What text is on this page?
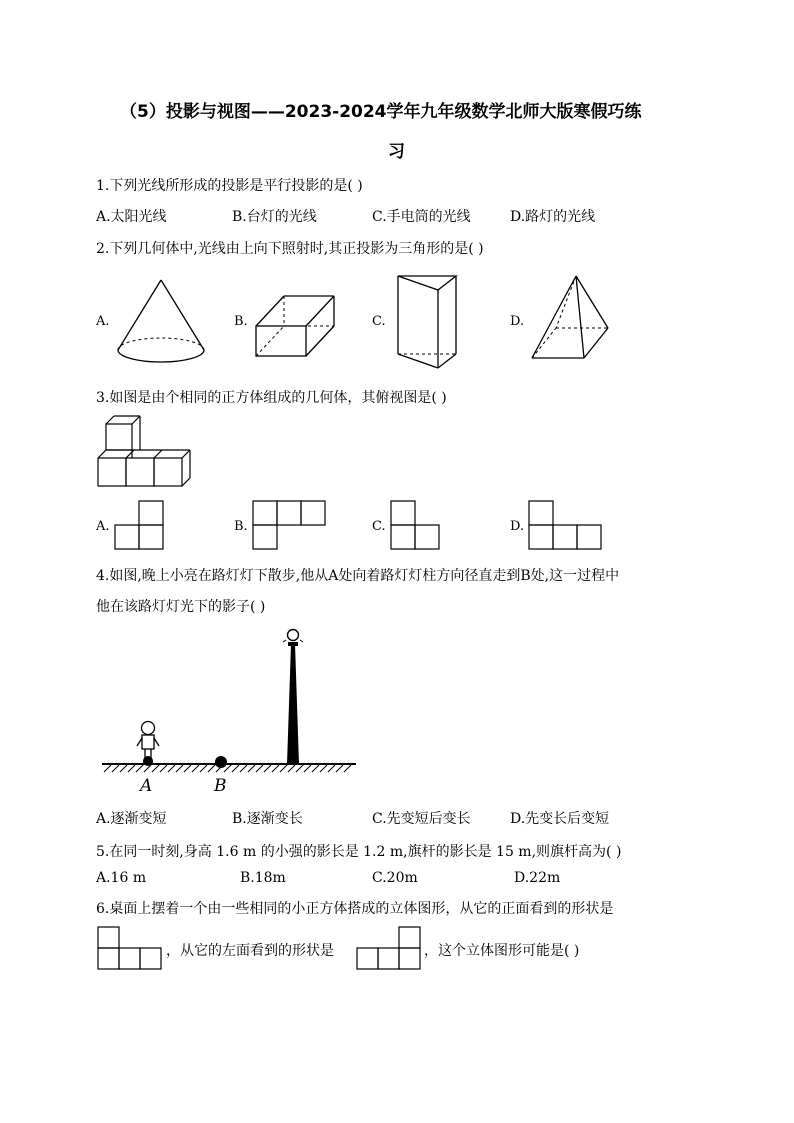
（5）投影与视图——2023-2024学年九年级数学北师大版寒假巧练
习
1.下列光线所形成的投影是平行投影的是( )
A.太阳光线	B.台灯的光线	C.手电筒的光线	D.路灯的光线
2.下列几何体中,光线由上向下照射时,其正投影为三角形的是( )
A.	B.	C.	D.
3.如图是由个相同的正方体组成的几何体，其俯视图是( )
A.	B.	C.	D.
4.如图,晚上小亮在路灯灯下散步,他从A处向着路灯灯柱方向径直走到B处,这一过程中
他在该路灯灯光下的影子( )
A	B
A.逐渐变短	B.逐渐变长	C.先变短后变长	D.先变长后变短
5.在同一时刻,身高 1.6 m 的小强的影长是 1.2 m,旗杆的影长是 15 m,则旗杆高为( )
A.16 m	B.18m	C.20m	D.22m
6.桌面上摆着一个由一些相同的小正方体搭成的立体图形，从它的正面看到的形状是
，从它的左面看到的形状是	，这个立体图形可能是( )
